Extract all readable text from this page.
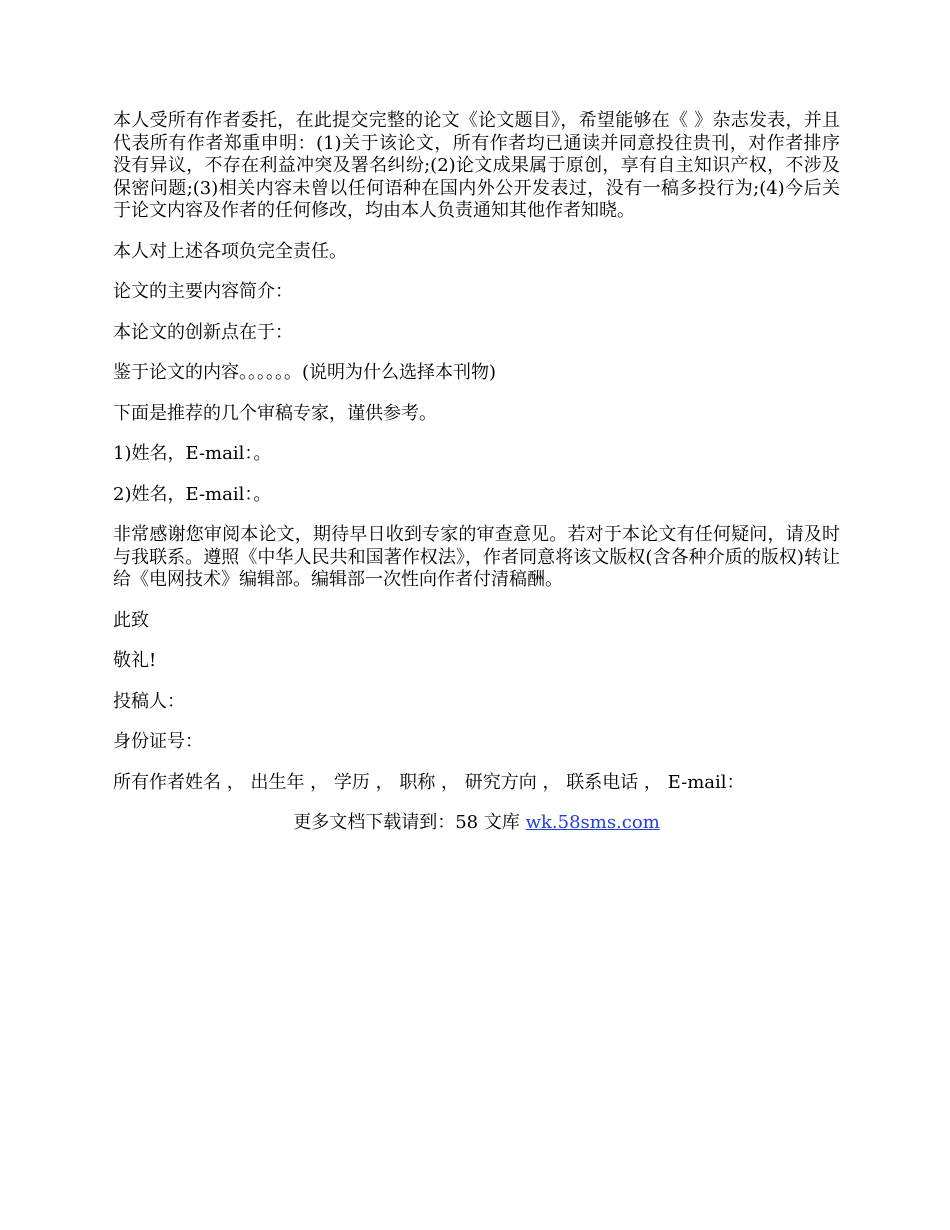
本人受所有作者委托，在此提交完整的论文《论文题目》，希望能够在《 》杂志发表，并且代表所有作者郑重申明：(1)关于该论文，所有作者均已通读并同意投往贵刊，对作者排序没有异议，不存在利益冲突及署名纠纷;(2)论文成果属于原创，享有自主知识产权，不涉及保密问题;(3)相关内容未曾以任何语种在国内外公开发表过，没有一稿多投行为;(4)今后关于论文内容及作者的任何修改，均由本人负责通知其他作者知晓。

本人对上述各项负完全责任。

论文的主要内容简介：

本论文的创新点在于：

鉴于论文的内容。。。。。。(说明为什么选择本刊物)

下面是推荐的几个审稿专家，谨供参考。

1)姓名，E-mail：。

2)姓名，E-mail：。

非常感谢您审阅本论文，期待早日收到专家的审查意见。若对于本论文有任何疑问，请及时与我联系。遵照《中华人民共和国著作权法》，作者同意将该文版权(含各种介质的版权)转让给《电网技术》编辑部。编辑部一次性向作者付清稿酬。

此致

敬礼!

投稿人：

身份证号：

所有作者姓名 ， 出生年 ， 学历 ， 职称 ， 研究方向 ， 联系电话 ， E-mail：

更多文档下载请到：58 文库 wk.58sms.com
